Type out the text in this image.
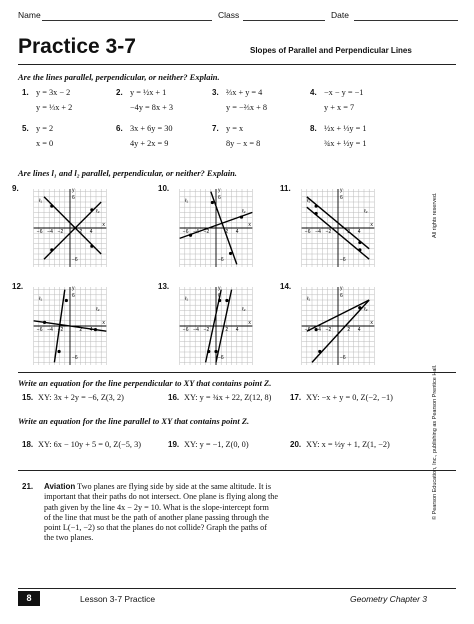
Name	Class	Date
Practice 3-7	Slopes of Parallel and Perpendicular Lines
Are the lines parallel, perpendicular, or neither? Explain.
1. y = 3x − 2
y = ⅓x + 2
2. y = ½x + 1
−4y = 8x + 3
3. ⅔x + y = 4
y = −⅔x + 8
4. −x − y = −1
y + x = 7
5. y = 2
x = 0
6. 3x + 6y = 30
4y + 2x = 9
7. y = x
8y − x = 8
8. ½x + ⅓y = 1
¾x + ½y = 1
Are lines l₁ and l₂ parallel, perpendicular, or neither? Explain.
9.
−6 −4 −2	2 4
6
−6
x
y
ℓ₁
ℓ₂
10.
−6 −4 −2	2 4
6
−6
x
y
ℓ₁
ℓ₂
11.
−6 −4 −2	2 4
6
−6
x
y
ℓ₁
ℓ₂
12.
−6 −4 −2	2 4
6
−6
x
y
ℓ₁
ℓ₂
13.
−6 −4 −2	2 4
6
−6
x
y
ℓ₁
ℓ₂
14.
−6 −4 −2	2 4
6
−6
x
y
ℓ₁
ℓ₂
Write an equation for the line perpendicular to XY that contains point Z.
15. XY: 3x + 2y = −6, Z(3, 2)	16. XY: y = ¾x + 22, Z(12, 8) 17. XY: −x + y = 0, Z(−2, −1)
Write an equation for the line parallel to XY that contains point Z.
18. XY: 6x − 10y + 5 = 0, Z(−5, 3)	19. XY: y = −1, Z(0, 0)	20. XY: x = ½y + 1, Z(1, −2)
21. Aviation Two planes are flying side by side at the same altitude. It is
important that their paths do not intersect. One plane is flying along the
path given by the line 4x − 2y = 10. What is the slope-intercept form
of the line that must be the path of another plane passing through the
point L(−1, −2) so that the planes do not collide? Graph the paths of
the two planes.
All rights reserved.
© Pearson Education, Inc., publishing as Pearson Prentice Hall.
8	Lesson 3-7 Practice	Geometry Chapter 3
